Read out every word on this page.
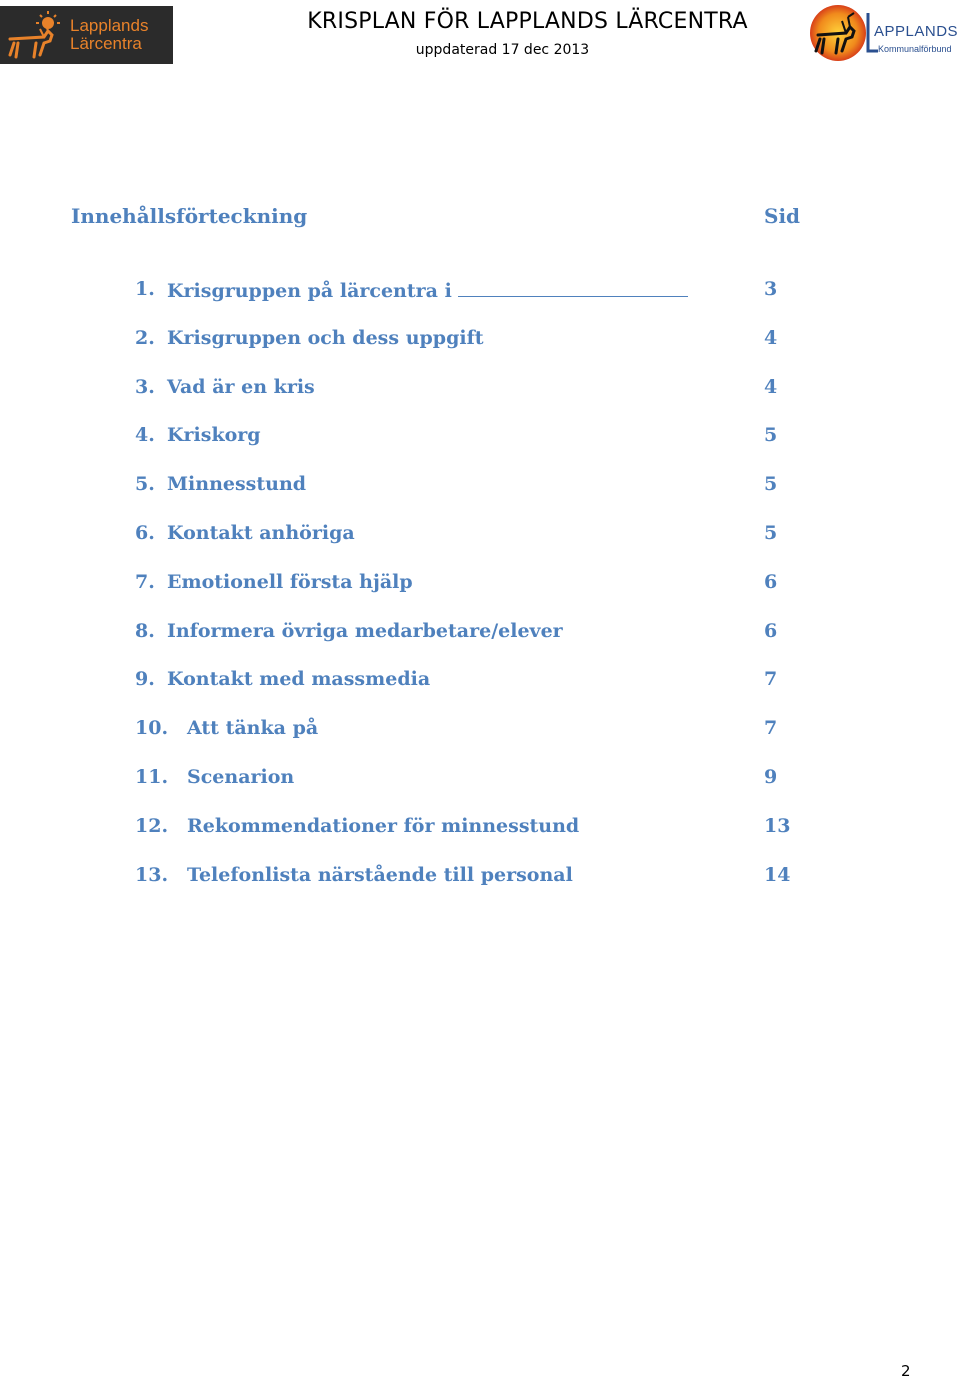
Lapplands
Lärcentra
KRISPLAN FÖR LAPPLANDS LÄRCENTRA
uppdaterad 17 dec 2013
APPLANDS
Kommunalförbund
Innehållsförteckning	Sid
1. Krisgruppen på lärcentra i	3
2. Krisgruppen och dess uppgift	4
3. Vad är en kris	4
4. Kriskorg	5
5. Minnesstund	5
6. Kontakt anhöriga	5
7. Emotionell första hjälp	6
8. Informera övriga medarbetare/elever	6
9. Kontakt med massmedia	7
10. Att tänka på	7
11. Scenarion	9
12. Rekommendationer för minnesstund	13
13. Telefonlista närstående till personal	14
2
